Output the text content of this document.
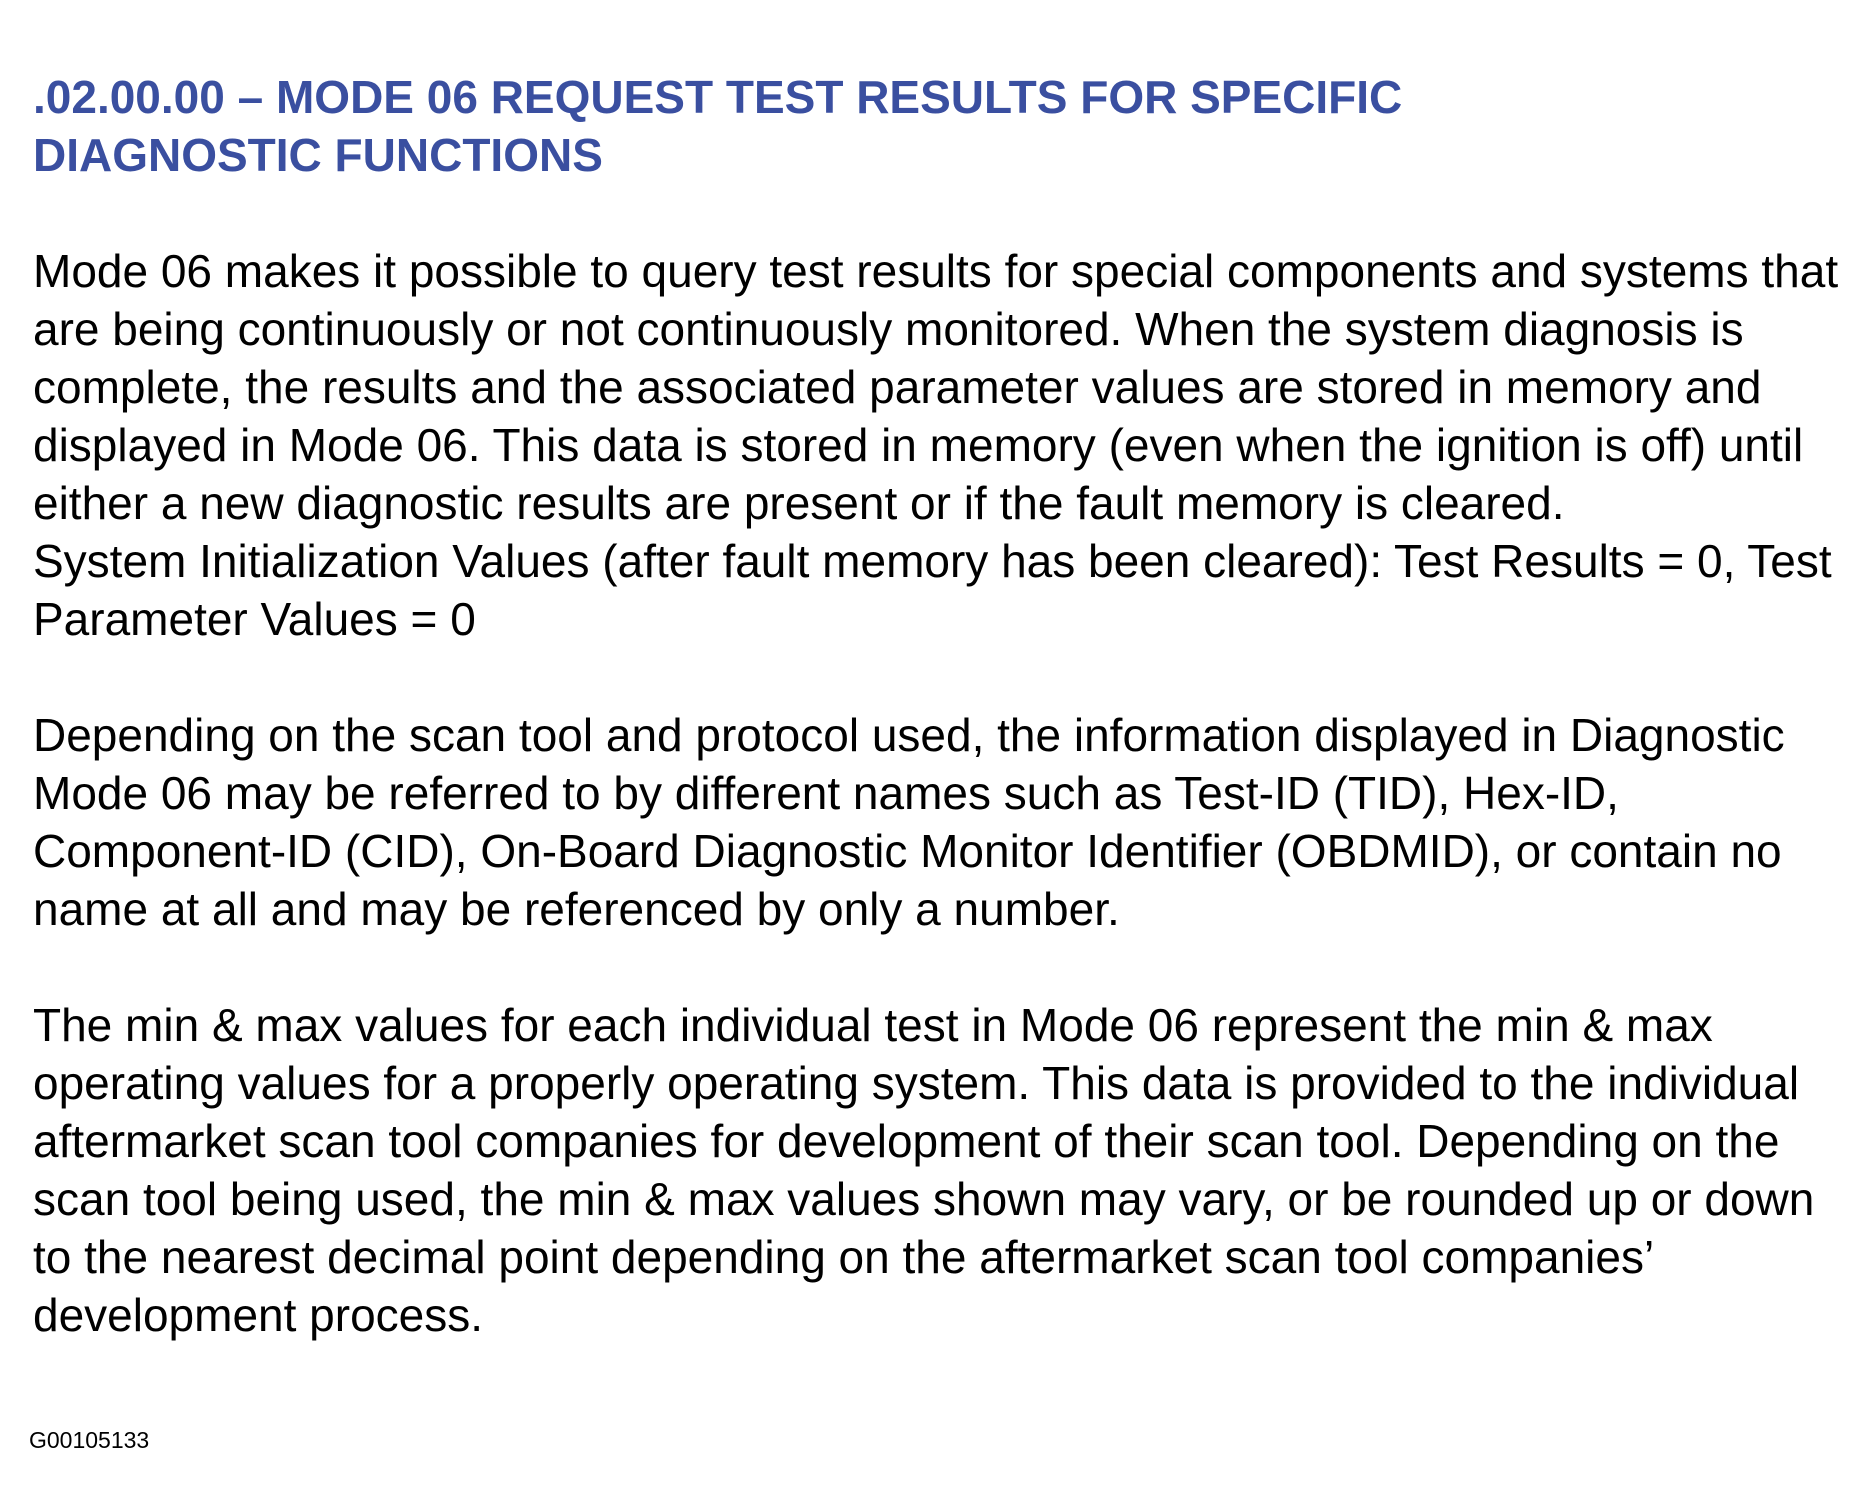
.02.00.00 – MODE 06 REQUEST TEST RESULTS FOR SPECIFIC
DIAGNOSTIC FUNCTIONS

Mode 06 makes it possible to query test results for special components and systems that are being continuously or not continuously monitored. When the system diagnosis is complete, the results and the associated parameter values are stored in memory and displayed in Mode 06. This data is stored in memory (even when the ignition is off) until either a new diagnostic results are present or if the fault memory is cleared.

System Initialization Values (after fault memory has been cleared): Test Results = 0, Test Parameter Values = 0

Depending on the scan tool and protocol used, the information displayed in Diagnostic Mode 06 may be referred to by different names such as Test-ID (TID), Hex-ID, Component-ID (CID), On-Board Diagnostic Monitor Identifier (OBDMID), or contain no name at all and may be referenced by only a number.

The min & max values for each individual test in Mode 06 represent the min & max operating values for a properly operating system. This data is provided to the individual aftermarket scan tool companies for development of their scan tool. Depending on the scan tool being used, the min & max values shown may vary, or be rounded up or down to the nearest decimal point depending on the aftermarket scan tool companies’ development process.

G00105133
